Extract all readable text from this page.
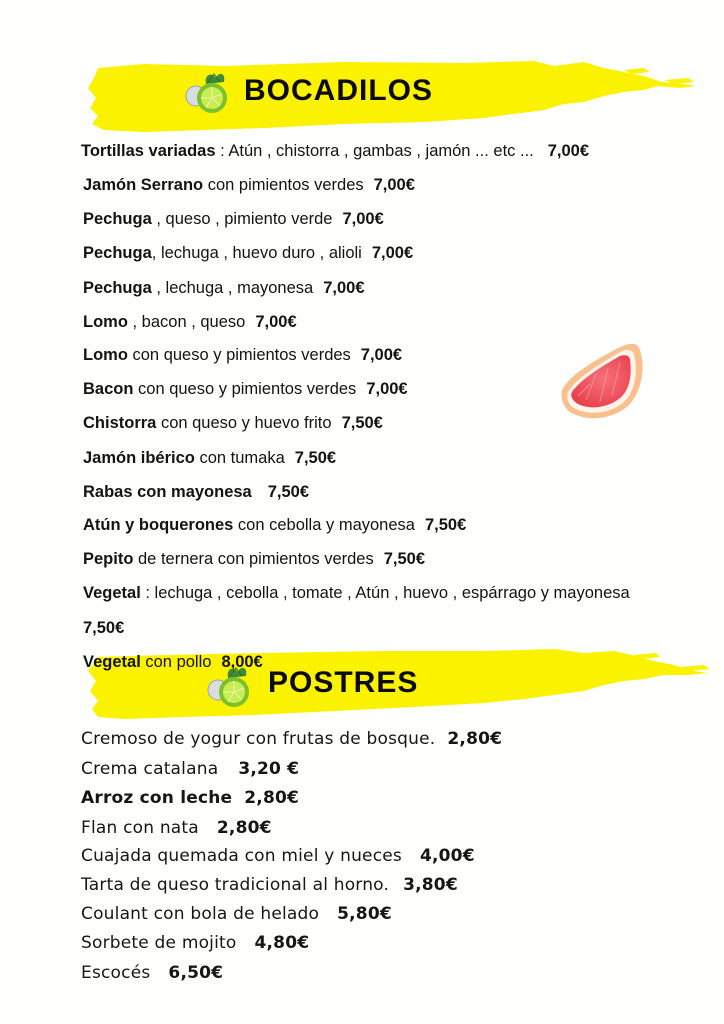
BOCADILOS
Tortillas variadas : Atún , chistorra , gambas , jamón ... etc ... 7,00€
Jamón Serrano con pimientos verdes 7,00€
Pechuga , queso , pimiento verde 7,00€
Pechuga, lechuga , huevo duro , alioli 7,00€
Pechuga , lechuga , mayonesa 7,00€
Lomo , bacon , queso 7,00€
Lomo con queso y pimientos verdes 7,00€
Bacon con queso y pimientos verdes 7,00€
Chistorra con queso y huevo frito 7,50€
Jamón ibérico con tumaka 7,50€
Rabas con mayonesa 7,50€
Atún y boquerones con cebolla y mayonesa 7,50€
Pepito de ternera con pimientos verdes 7,50€
Vegetal : lechuga , cebolla , tomate , Atún , huevo , espárrago y mayonesa
7,50€
Vegetal con pollo 8,00€
POSTRES
Cremoso de yogur con frutas de bosque. 2,80€
Crema catalana 3,20 €
Arroz con leche 2,80€
Flan con nata 2,80€
Cuajada quemada con miel y nueces 4,00€
Tarta de queso tradicional al horno. 3,80€
Coulant con bola de helado 5,80€
Sorbete de mojito 4,80€
Escocés 6,50€
